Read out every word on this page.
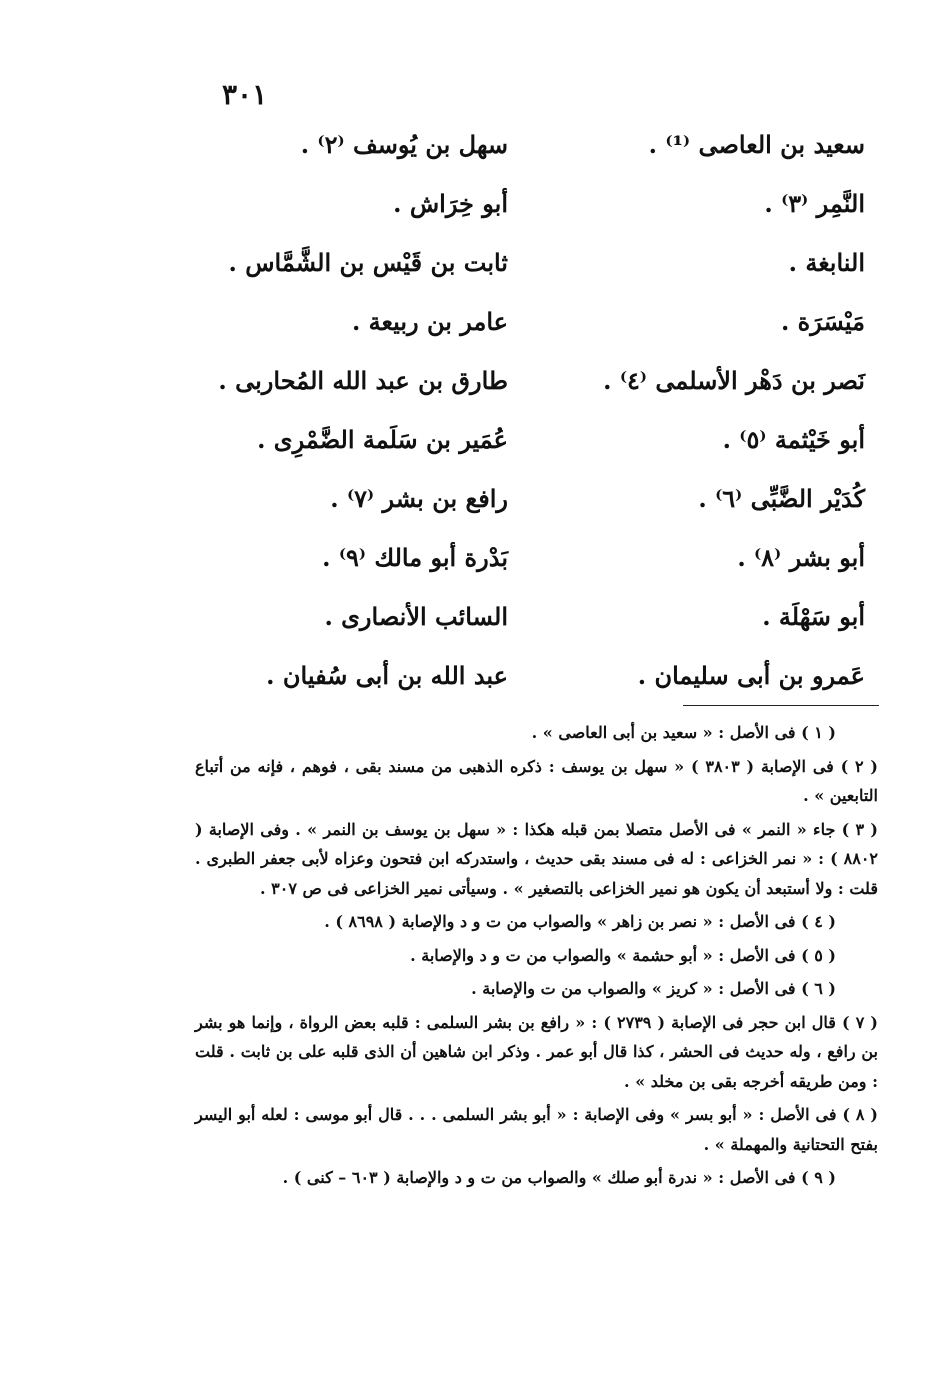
٣٠١
سعيد بن العاصى ⁽¹⁾ .
سهل بن يُوسف ⁽٢⁾ .
النَّمِر ⁽٣⁾ .
أبو خِرَاش .
النابغة .
ثابت بن قَيْس بن الشَّمَّاس .
مَيْسَرَة .
عامر بن ربيعة .
نَصر بن دَهْر الأسلمى ⁽٤⁾ .
طارق بن عبد الله المُحاربى .
أبو خَيْثمة ⁽٥⁾ .
عُمَير بن سَلَمة الضَّمْرِى .
كُدَيْر الضَّبِّى ⁽٦⁾ .
رافع بن بشر ⁽٧⁾ .
أبو بشر ⁽٨⁾ .
بَدْرة أبو مالك ⁽٩⁾ .
أبو سَهْلَة .
السائب الأنصارى .
عَمرو بن أبى سليمان .
عبد الله بن أبى سُفيان .

( ١ ) فى الأصل : « سعيد بن أبى العاصى » .

( ٢ ) فى الإصابة ( ٣٨٠٣ ) « سهل بن يوسف : ذكره الذهبى من مسند بقى ، فوهم ، فإنه من أتباع التابعين » .

( ٣ ) جاء « النمر » فى الأصل متصلا بمن قبله هكذا : « سهل بن يوسف بن النمر » . وفى الإصابة ( ٨٨٠٢ ) : « نمر الخزاعى : له فى مسند بقى حديث ، واستدركه ابن فتحون وعزاه لأبى جعفر الطبرى . قلت : ولا أستبعد أن يكون هو نمير الخزاعى بالتصغير » . وسيأتى نمير الخزاعى فى ص ٣٠٧ .

( ٤ ) فى الأصل : « نصر بن زاهر » والصواب من ت و د والإصابة ( ٨٦٩٨ ) .

( ٥ ) فى الأصل : « أبو حشمة » والصواب من ت و د والإصابة .

( ٦ ) فى الأصل : « كريز » والصواب من ت والإصابة .

( ٧ ) قال ابن حجر فى الإصابة ( ٢٧٣٩ ) : « رافع بن بشر السلمى : قلبه بعض الرواة ، وإنما هو بشر بن رافع ، وله حديث فى الحشر ، كذا قال أبو عمر . وذكر ابن شاهين أن الذى قلبه على بن ثابت . قلت : ومن طريقه أخرجه بقى بن مخلد » .

( ٨ ) فى الأصل : « أبو بسر » وفى الإصابة : « أبو بشر السلمى . . . قال أبو موسى : لعله أبو اليسر بفتح التحتانية والمهملة » .

( ٩ ) فى الأصل : « ندرة أبو صلك » والصواب من ت و د والإصابة ( ٦٠٣ – كنى ) .
